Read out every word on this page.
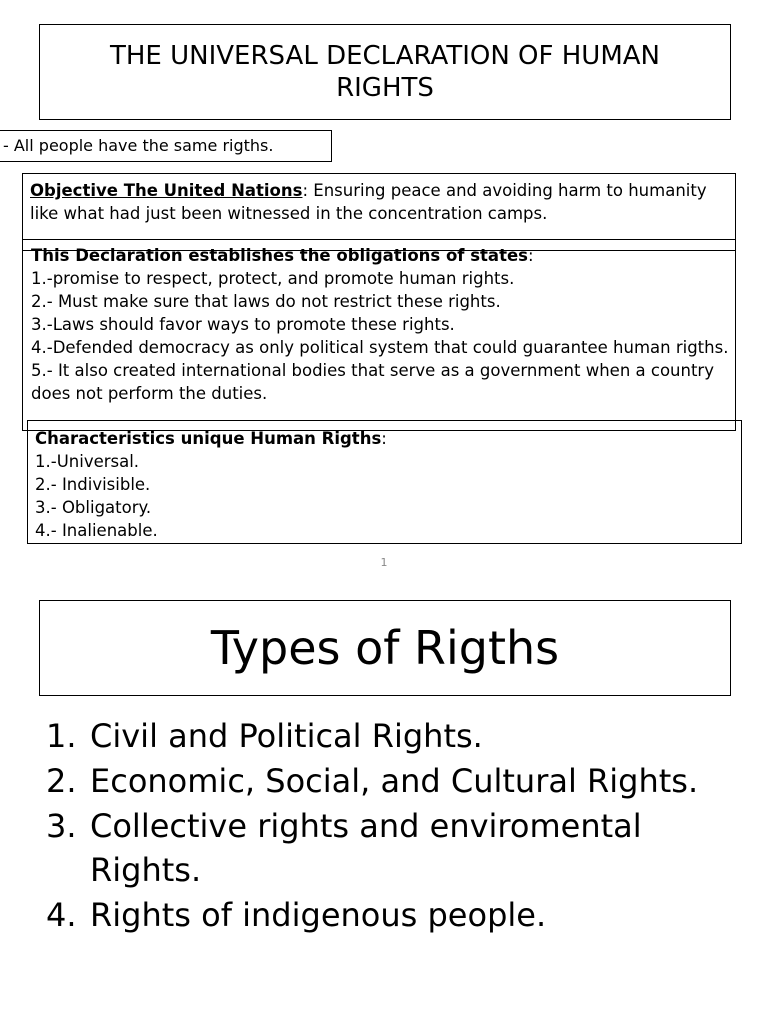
THE UNIVERSAL DECLARATION OF HUMAN RIGHTS
- All people have the same rigths.

Objective The United Nations: Ensuring peace and avoiding harm to humanity like what had just been witnessed in the concentration camps.

This Declaration establishes the obligations of states:

1.-promise to respect, protect, and promote human rights.

2.- Must make sure that laws do not restrict these rights.

3.-Laws should favor ways to promote these rights.

4.-Defended democracy as only political system that could guarantee human rigths.

5.- It also created international bodies that serve as a government when a country does not perform the duties.

Characteristics unique Human Rigths:

1.-Universal.

2.- Indivisible.

3.- Obligatory.

4.- Inalienable.

1
Types of Rigths
1. Civil and Political Rights.
2. Economic, Social, and Cultural Rights.
3. Collective rights and enviromental Rights.
4. Rights of indigenous people.
